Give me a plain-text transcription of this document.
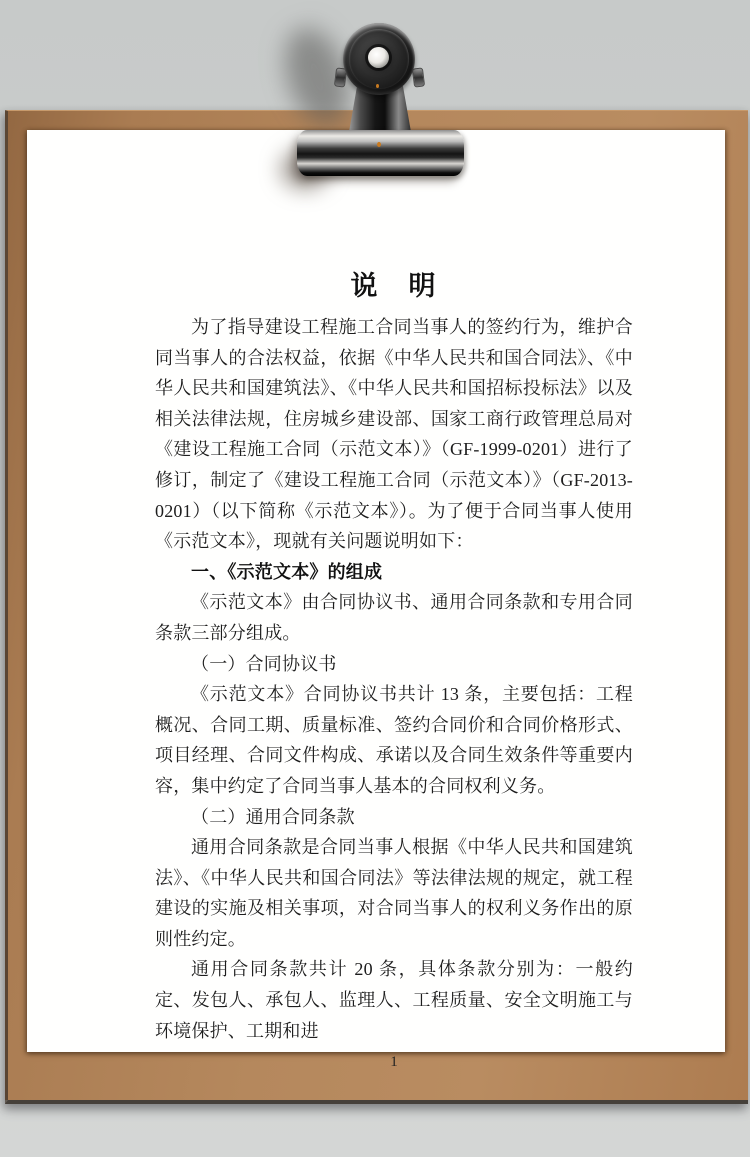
说　明

为了指导建设工程施工合同当事人的签约行为，维护合同当事人的合法权益，依据《中华人民共和国合同法》、《中华人民共和国建筑法》、《中华人民共和国招标投标法》以及相关法律法规，住房城乡建设部、国家工商行政管理总局对《建设工程施工合同（示范文本）》（GF-1999-0201）进行了修订，制定了《建设工程施工合同（示范文本）》（GF-2013-0201）（以下简称《示范文本》）。为了便于合同当事人使用《示范文本》，现就有关问题说明如下：

一、《示范文本》的组成

《示范文本》由合同协议书、通用合同条款和专用合同条款三部分组成。

（一）合同协议书

《示范文本》合同协议书共计 13 条，主要包括：工程概况、合同工期、质量标准、签约合同价和合同价格形式、项目经理、合同文件构成、承诺以及合同生效条件等重要内容，集中约定了合同当事人基本的合同权利义务。

（二）通用合同条款

通用合同条款是合同当事人根据《中华人民共和国建筑法》、《中华人民共和国合同法》等法律法规的规定，就工程建设的实施及相关事项，对合同当事人的权利义务作出的原则性约定。

通用合同条款共计 20 条，具体条款分别为：一般约定、发包人、承包人、监理人、工程质量、安全文明施工与环境保护、工期和进

1
